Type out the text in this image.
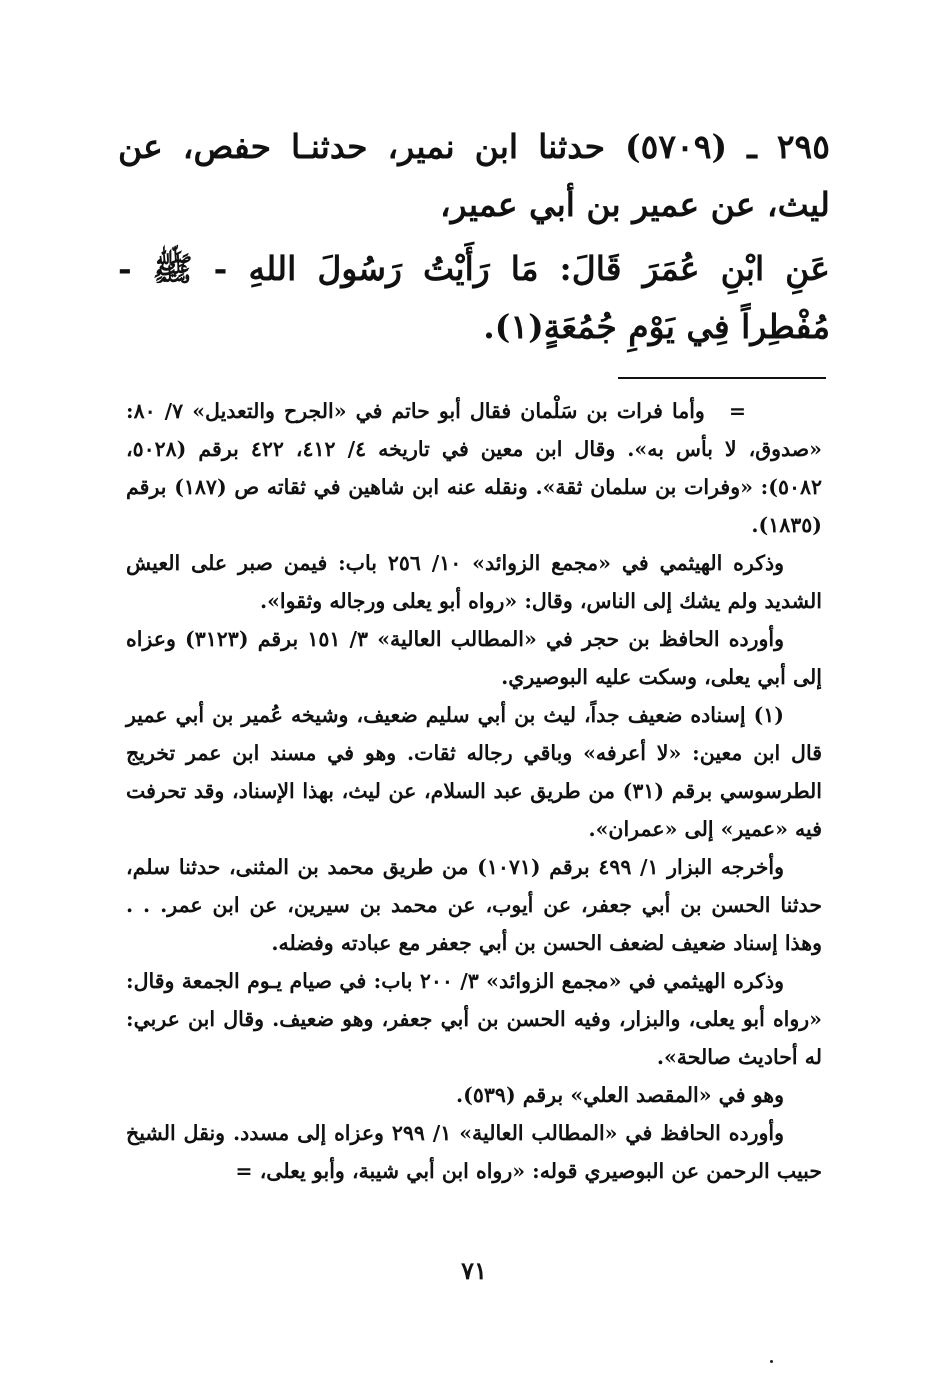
٢٩٥ ـ (٥٧٠٩) حدثنا ابن نمير، حدثنـا حفص، عن ليث، عن عمير بن أبي عمير،

عَنِ ابْنِ عُمَرَ قَالَ: مَا رَأَيْتُ رَسُولَ اللهِ - ﷺ - مُفْطِراً فِي يَوْمِ جُمُعَةٍ(١).

=وأما فرات بن سَلْمان فقال أبو حاتم في «الجرح والتعديل» ٧/ ٨٠: «صدوق، لا بأس به». وقال ابن معين في تاريخه ٤/ ٤١٢، ٤٢٢ برقم (٥٠٢٨، ٥٠٨٢): «وفرات بن سلمان ثقة». ونقله عنه ابن شاهين في ثقاته ص (١٨٧) برقم (١٨٣٥).

وذكره الهيثمي في «مجمع الزوائد» ١٠/ ٢٥٦ باب: فيمن صبر على العيش الشديد ولم يشك إلى الناس، وقال: «رواه أبو يعلى ورجاله وثقوا».

وأورده الحافظ بن حجر في «المطالب العالية» ٣/ ١٥١ برقم (٣١٢٣) وعزاه إلى أبي يعلى، وسكت عليه البوصيري.

(١) إسناده ضعيف جداً، ليث بن أبي سليم ضعيف، وشيخه عُمير بن أبي عمير قال ابن معين: «لا أعرفه» وباقي رجاله ثقات. وهو في مسند ابن عمر تخريج الطرسوسي برقم (٣١) من طريق عبد السلام، عن ليث، بهذا الإسناد، وقد تحرفت فيه «عمير» إلى «عمران».

وأخرجه البزار ١/ ٤٩٩ برقم (١٠٧١) من طريق محمد بن المثنى، حدثنا سلم، حدثنا الحسن بن أبي جعفر، عن أيوب، عن محمد بن سيرين، عن ابن عمر. . . وهذا إسناد ضعيف لضعف الحسن بن أبي جعفر مع عبادته وفضله.

وذكره الهيثمي في «مجمع الزوائد» ٣/ ٢٠٠ باب: في صيام يـوم الجمعة وقال: «رواه أبو يعلى، والبزار، وفيه الحسن بن أبي جعفر، وهو ضعيف. وقال ابن عربي: له أحاديث صالحة».

وهو في «المقصد العلي» برقم (٥٣٩).

وأورده الحافظ في «المطالب العالية» ١/ ٢٩٩ وعزاه إلى مسدد. ونقل الشيخ حبيب الرحمن عن البوصيري قوله: «رواه ابن أبي شيبة، وأبو يعلى، =

٧١
